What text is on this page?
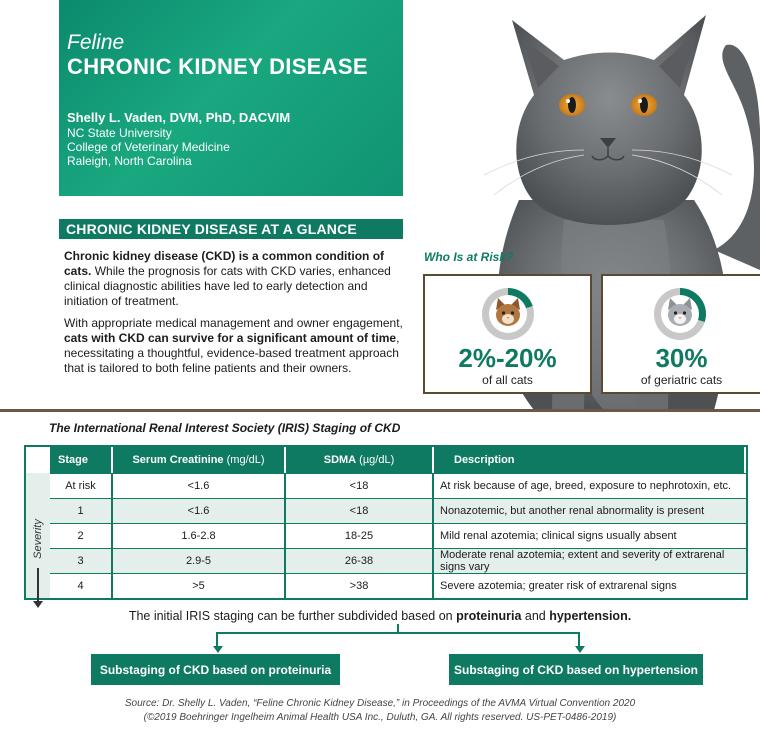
Feline
CHRONIC KIDNEY DISEASE
Shelly L. Vaden, DVM, PhD, DACVIM
NC State University
College of Veterinary Medicine
Raleigh, North Carolina
CHRONIC KIDNEY DISEASE AT A GLANCE

Chronic kidney disease (CKD) is a common condition of cats. While the prognosis for cats with CKD varies, enhanced clinical diagnostic abilities have led to early detection and initiation of treatment.

With appropriate medical management and owner engagement, cats with CKD can survive for a significant amount of time, necessitating a thoughtful, evidence-based treatment approach that is tailored to both feline patients and their owners.

Who Is at Risk?
2%-20%
of all cats
30%
of geriatric cats
The International Renal Interest Society (IRIS) Staging of CKD
Severity
Stage	Serum Creatinine (mg/dL)	SDMA (µg/dL)	Description
At risk	<1.6	<18	At risk because of age, breed, exposure to nephrotoxin, etc.
1	<1.6	<18	Nonazotemic, but another renal abnormality is present
2	1.6-2.8	18-25	Mild renal azotemia; clinical signs usually absent
3	2.9-5	26-38	Moderate renal azotemia; extent and severity of extrarenal signs vary
4	>5	>38	Severe azotemia; greater risk of extrarenal signs
The initial IRIS staging can be further subdivided based on proteinuria and hypertension.
Substaging of CKD based on proteinuria	Substaging of CKD based on hypertension
Source: Dr. Shelly L. Vaden, “Feline Chronic Kidney Disease,” in Proceedings of the AVMA Virtual Convention 2020
(©2019 Boehringer Ingelheim Animal Health USA Inc., Duluth, GA. All rights reserved. US-PET-0486-2019)
